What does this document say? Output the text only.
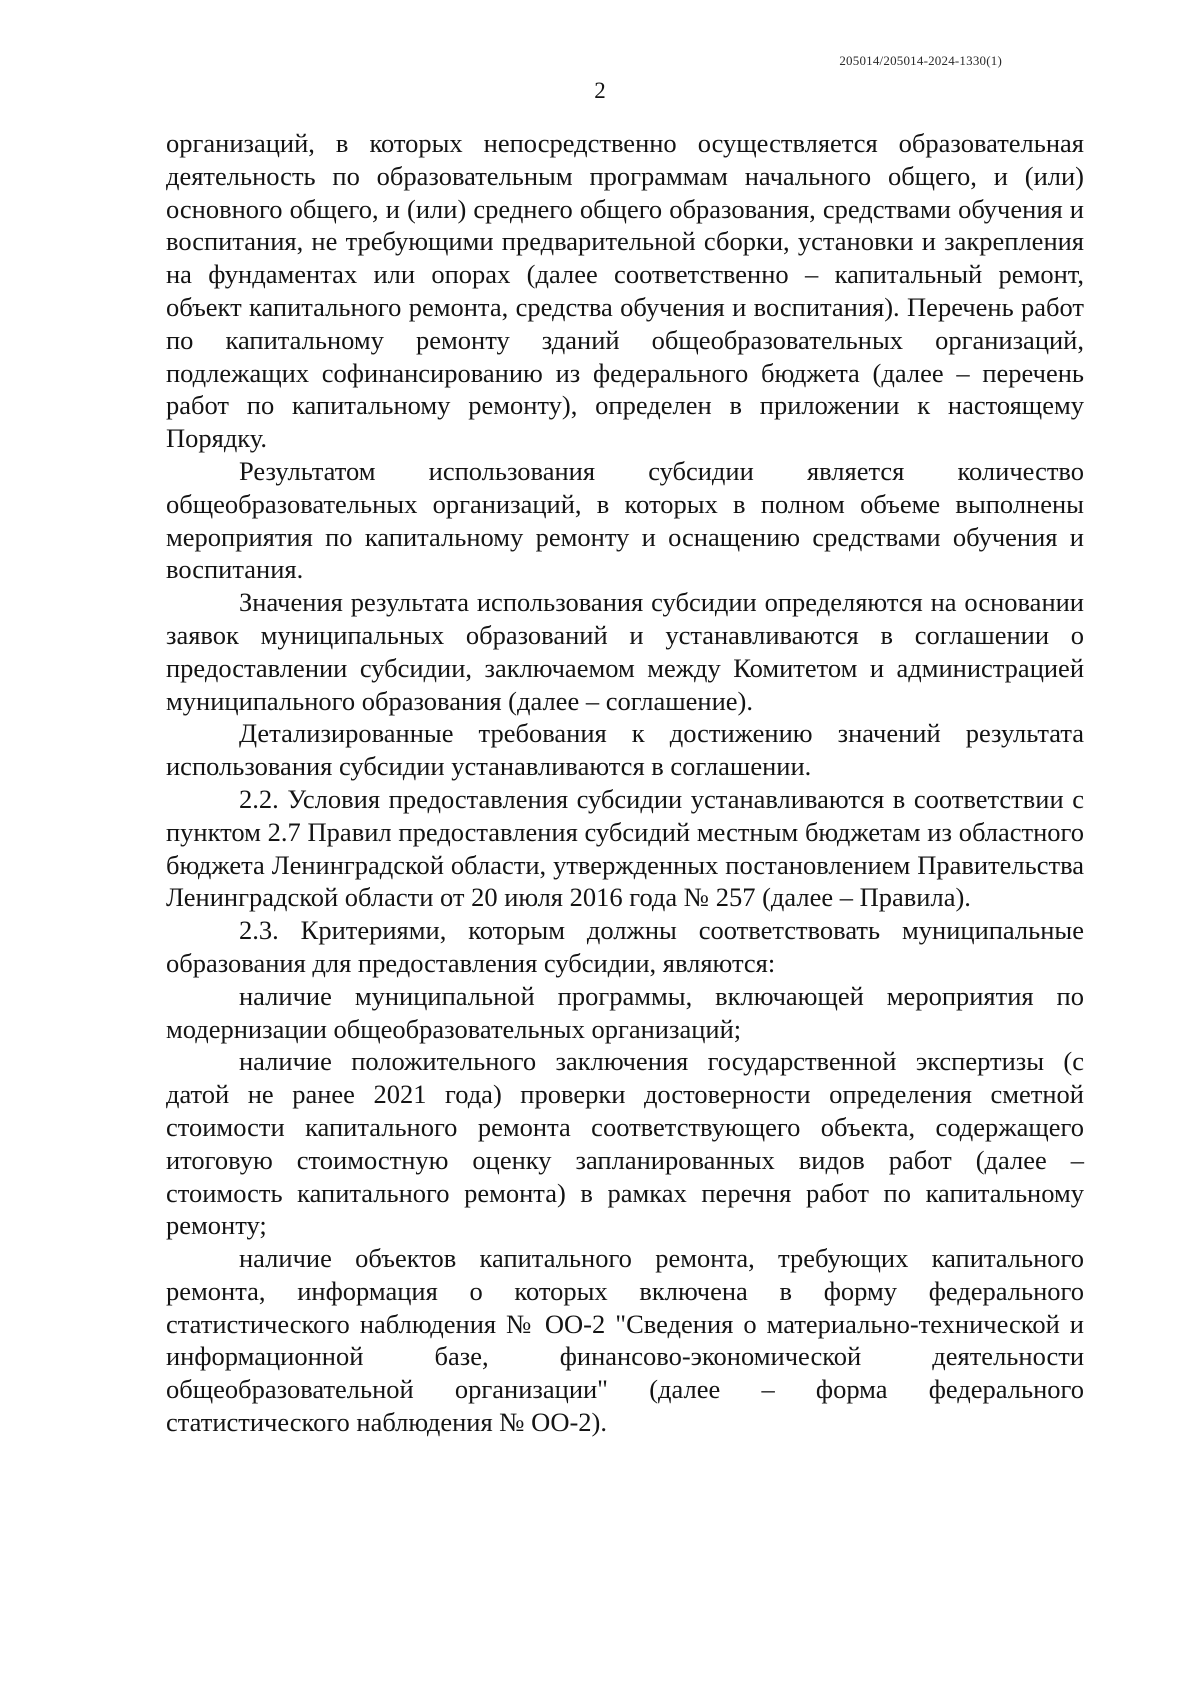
205014/205014-2024-1330(1)
2

организаций, в которых непосредственно осуществляется образовательная деятельность по образовательным программам начального общего, и (или) основного общего, и (или) среднего общего образования, средствами обучения и воспитания, не требующими предварительной сборки, установки и закрепления на фундаментах или опорах (далее соответственно – капитальный ремонт, объект капитального ремонта, средства обучения и воспитания). Перечень работ по капитальному ремонту зданий общеобразовательных организаций, подлежащих софинансированию из федерального бюджета (далее – перечень работ по капитальному ремонту), определен в приложении к настоящему Порядку.

Результатом использования субсидии является количество общеобразовательных организаций, в которых в полном объеме выполнены мероприятия по капитальному ремонту и оснащению средствами обучения и воспитания.

Значения результата использования субсидии определяются на основании заявок муниципальных образований и устанавливаются в соглашении о предоставлении субсидии, заключаемом между Комитетом и администрацией муниципального образования (далее – соглашение).

Детализированные требования к достижению значений результата использования субсидии устанавливаются в соглашении.

2.2. Условия предоставления субсидии устанавливаются в соответствии с пунктом 2.7 Правил предоставления субсидий местным бюджетам из областного бюджета Ленинградской области, утвержденных постановлением Правительства Ленинградской области от 20 июля 2016 года № 257 (далее – Правила).

2.3. Критериями, которым должны соответствовать муниципальные образования для предоставления субсидии, являются:

наличие муниципальной программы, включающей мероприятия по модернизации общеобразовательных организаций;

наличие положительного заключения государственной экспертизы (с датой не ранее 2021 года) проверки достоверности определения сметной стоимости капитального ремонта соответствующего объекта, содержащего итоговую стоимостную оценку запланированных видов работ (далее – стоимость капитального ремонта) в рамках перечня работ по капитальному ремонту;

наличие объектов капитального ремонта, требующих капитального ремонта, информация о которых включена в форму федерального статистического наблюдения № ОО-2 "Сведения о материально-технической и информационной базе, финансово-экономической деятельности общеобразовательной организации" (далее – форма федерального статистического наблюдения № ОО-2).
